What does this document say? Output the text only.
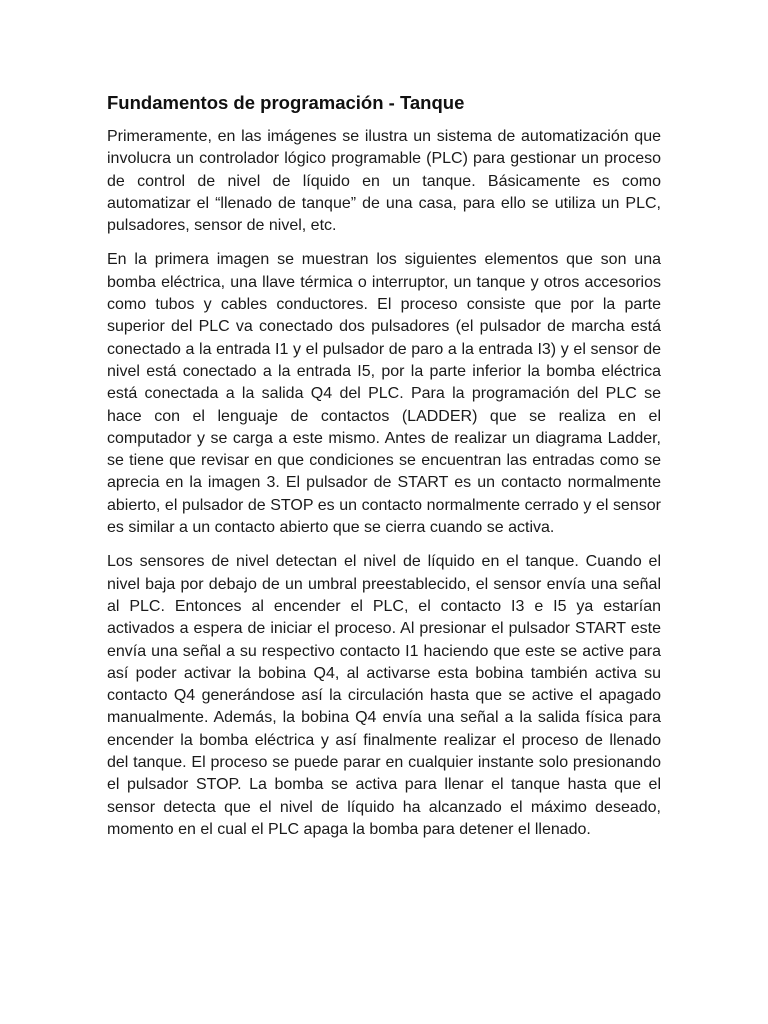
Fundamentos de programación - Tanque

Primeramente, en las imágenes se ilustra un sistema de automatización que involucra un controlador lógico programable (PLC) para gestionar un proceso de control de nivel de líquido en un tanque. Básicamente es como automatizar el “llenado de tanque” de una casa, para ello se utiliza un PLC, pulsadores, sensor de nivel, etc.

En la primera imagen se muestran los siguientes elementos que son una bomba eléctrica, una llave térmica o interruptor, un tanque y otros accesorios como tubos y cables conductores. El proceso consiste que por la parte superior del PLC va conectado dos pulsadores (el pulsador de marcha está conectado a la entrada I1 y el pulsador de paro a la entrada I3) y el sensor de nivel está conectado a la entrada I5, por la parte inferior la bomba eléctrica está conectada a la salida Q4 del PLC. Para la programación del PLC se hace con el lenguaje de contactos (LADDER) que se realiza en el computador y se carga a este mismo. Antes de realizar un diagrama Ladder, se tiene que revisar en que condiciones se encuentran las entradas como se aprecia en la imagen 3. El pulsador de START es un contacto normalmente abierto, el pulsador de STOP es un contacto normalmente cerrado y el sensor es similar a un contacto abierto que se cierra cuando se activa.

Los sensores de nivel detectan el nivel de líquido en el tanque. Cuando el nivel baja por debajo de un umbral preestablecido, el sensor envía una señal al PLC. Entonces al encender el PLC, el contacto I3 e I5 ya estarían activados a espera de iniciar el proceso. Al presionar el pulsador START este envía una señal a su respectivo contacto I1 haciendo que este se active para así poder activar la bobina Q4, al activarse esta bobina también activa su contacto Q4 generándose así la circulación hasta que se active el apagado manualmente. Además, la bobina Q4 envía una señal a la salida física para encender la bomba eléctrica y así finalmente realizar el proceso de llenado del tanque. El proceso se puede parar en cualquier instante solo presionando el pulsador STOP. La bomba se activa para llenar el tanque hasta que el sensor detecta que el nivel de líquido ha alcanzado el máximo deseado, momento en el cual el PLC apaga la bomba para detener el llenado.
